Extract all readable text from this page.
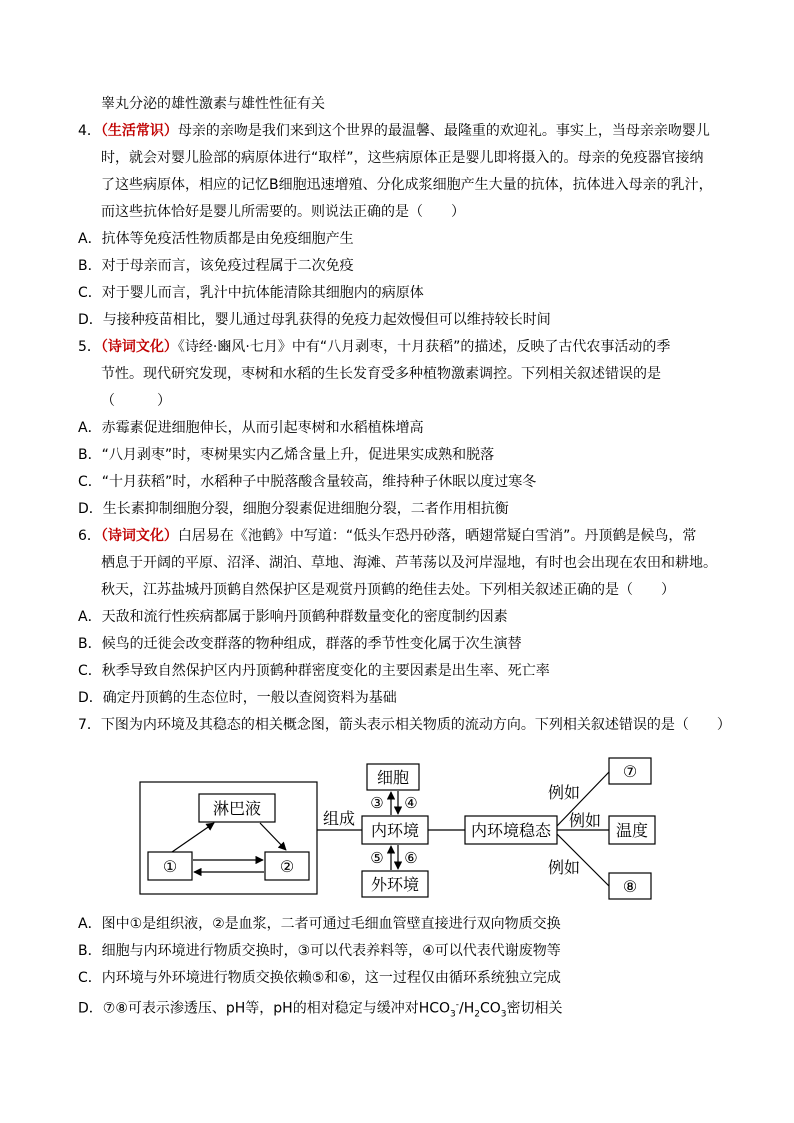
睾丸分泌的雄性激素与雄性性征有关
4．（生活常识）母亲的亲吻是我们来到这个世界的最温馨、最隆重的欢迎礼。事实上，当母亲亲吻婴儿
时，就会对婴儿脸部的病原体进行“取样”，这些病原体正是婴儿即将摄入的。母亲的免疫器官接纳
了这些病原体，相应的记忆B细胞迅速增殖、分化成浆细胞产生大量的抗体，抗体进入母亲的乳汁，
而这些抗体恰好是婴儿所需要的。则说法正确的是（　　）
A．抗体等免疫活性物质都是由免疫细胞产生
B．对于母亲而言，该免疫过程属于二次免疫
C．对于婴儿而言，乳汁中抗体能清除其细胞内的病原体
D．与接种疫苗相比，婴儿通过母乳获得的免疫力起效慢但可以维持较长时间
5．（诗词文化）《诗经·豳风·七月》中有“八月剥枣，十月获稻”的描述，反映了古代农事活动的季
节性。现代研究发现，枣树和水稻的生长发育受多种植物激素调控。下列相关叙述错误的是
（　　　）
A．赤霉素促进细胞伸长，从而引起枣树和水稻植株增高
B．“八月剥枣”时，枣树果实内乙烯含量上升，促进果实成熟和脱落
C．“十月获稻”时，水稻种子中脱落酸含量较高，维持种子休眠以度过寒冬
D．生长素抑制细胞分裂，细胞分裂素促进细胞分裂，二者作用相抗衡
6．（诗词文化）白居易在《池鹤》中写道：“低头乍恐丹砂落，晒翅常疑白雪消”。丹顶鹤是候鸟，常
栖息于开阔的平原、沼泽、湖泊、草地、海滩、芦苇荡以及河岸湿地，有时也会出现在农田和耕地。
秋天，江苏盐城丹顶鹤自然保护区是观赏丹顶鹤的绝佳去处。下列相关叙述正确的是（　　）
A．天敌和流行性疾病都属于影响丹顶鹤种群数量变化的密度制约因素
B．候鸟的迁徙会改变群落的物种组成，群落的季节性变化属于次生演替
C．秋季导致自然保护区内丹顶鹤种群密度变化的主要因素是出生率、死亡率
D．确定丹顶鹤的生态位时，一般以查阅资料为基础
7．下图为内环境及其稳态的相关概念图，箭头表示相关物质的流动方向。下列相关叙述错误的是（　　）
淋巴液
①	②
组成
细胞
③ ④
内环境
⑤ ⑥
外环境
内环境稳态
例如
例如
例如
⑦
温度
⑧
A．图中①是组织液，②是血浆，二者可通过毛细血管壁直接进行双向物质交换
B．细胞与内环境进行物质交换时，③可以代表养料等，④可以代表代谢废物等
C．内环境与外环境进行物质交换依赖⑤和⑥，这一过程仅由循环系统独立完成
D．⑦⑧可表示渗透压、pH等，pH的相对稳定与缓冲对$HCO_3^-/H_2CO_3$密切相关
